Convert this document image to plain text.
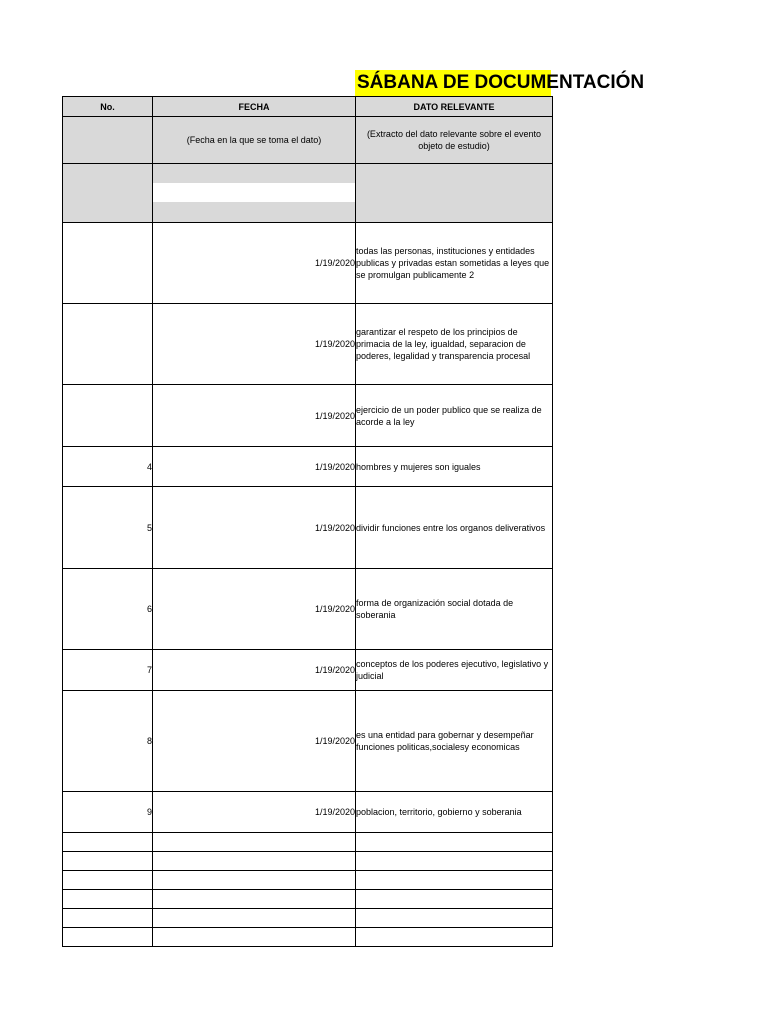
SÁBANA DE DOCUMENTACIÓN
No.	FECHA	DATO RELEVANTE
	(Fecha en la que se toma el dato)	(Extracto del dato relevante sobre el evento objeto de estudio)

	1/19/2020	todas las personas, instituciones y entidades publicas y privadas estan sometidas a leyes que se promulgan publicamente 2
	1/19/2020	garantizar el respeto de los principios de primacia de la ley, igualdad, separacion de poderes, legalidad y transparencia procesal
	1/19/2020	ejercicio de un poder publico que se realiza de acorde a la ley
4	1/19/2020	hombres y mujeres son iguales
5	1/19/2020	dividir funciones entre los organos deliverativos
6	1/19/2020	forma de organización social dotada de soberania
7	1/19/2020	conceptos de los poderes ejecutivo, legislativo y judicial
8	1/19/2020	es una entidad para gobernar y desempeñar funciones politicas,socialesy economicas
9	1/19/2020	poblacion, territorio, gobierno y soberania
